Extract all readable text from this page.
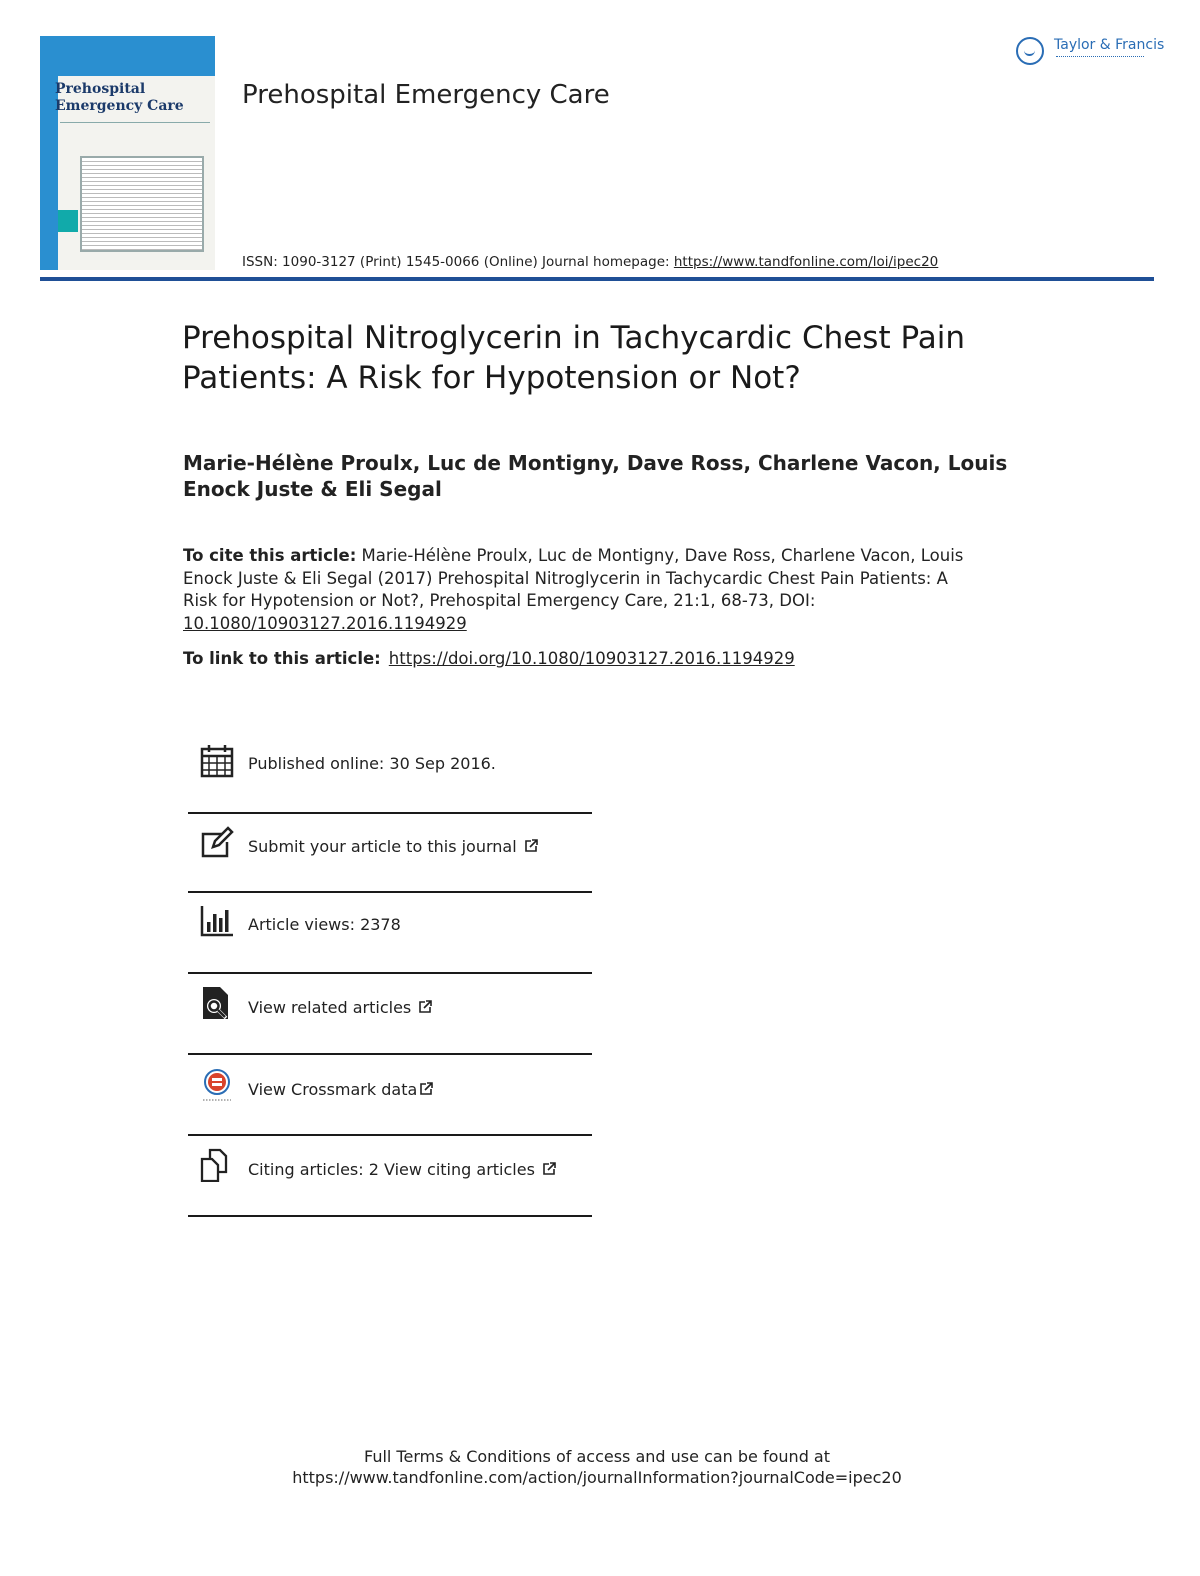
Prehospital
Emergency Care	Prehospital Emergency Care
ISSN: 1090-3127 (Print) 1545-0066 (Online) Journal homepage: https://www.tandfonline.com/loi/ipec20
Taylor & Francis
Prehospital Nitroglycerin in Tachycardic Chest Pain Patients: A Risk for Hypotension or Not?
Marie-Hélène Proulx, Luc de Montigny, Dave Ross, Charlene Vacon, Louis Enock Juste & Eli Segal
To cite this article: Marie-Hélène Proulx, Luc de Montigny, Dave Ross, Charlene Vacon, Louis Enock Juste & Eli Segal (2017) Prehospital Nitroglycerin in Tachycardic Chest Pain Patients: A Risk for Hypotension or Not?, Prehospital Emergency Care, 21:1, 68-73, DOI:
10.1080/10903127.2016.1194929
To link to this article: https://doi.org/10.1080/10903127.2016.1194929
Published online: 30 Sep 2016.
Submit your article to this journal
Article views: 2378
View related articles
View Crossmark data
Citing articles: 2 View citing articles
Full Terms & Conditions of access and use can be found at
https://www.tandfonline.com/action/journalInformation?journalCode=ipec20
